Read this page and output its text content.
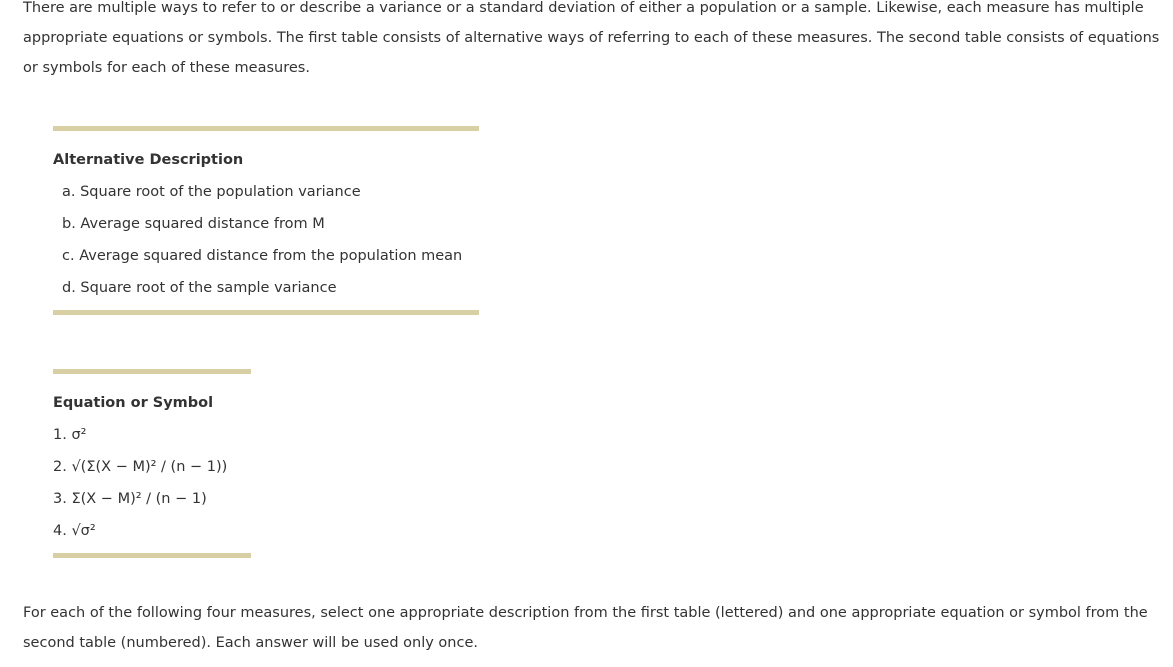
There are multiple ways to refer to or describe a variance or a standard deviation of either a population or a sample. Likewise, each measure has multiple appropriate equations or symbols. The first table consists of alternative ways of referring to each of these measures. The second table consists of equations or symbols for each of these measures.

Alternative Description
a. Square root of the population variance
b. Average squared distance from M
c. Average squared distance from the population mean
d. Square root of the sample variance
Equation or Symbol
1. σ²
2. √(Σ(X − M)² / (n − 1))
3. Σ(X − M)² / (n − 1)
4. √σ²

For each of the following four measures, select one appropriate description from the first table (lettered) and one appropriate equation or symbol from the second table (numbered). Each answer will be used only once.
